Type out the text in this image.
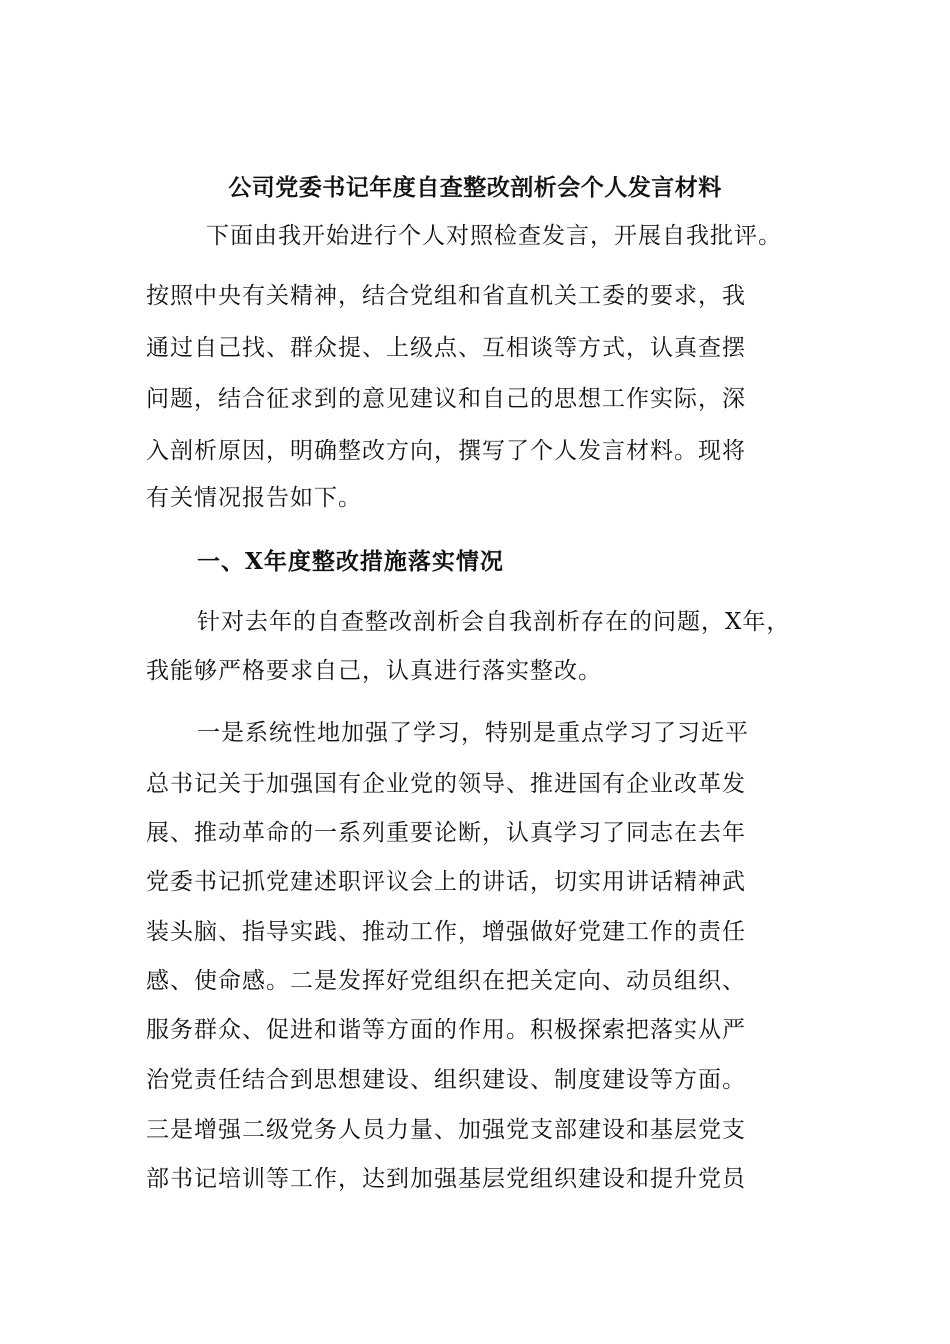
公司党委书记年度自查整改剖析会个人发言材料
下面由我开始进行个人对照检查发言，开展自我批评。
按照中央有关精神，结合党组和省直机关工委的要求，我
通过自己找、群众提、上级点、互相谈等方式，认真查摆
问题，结合征求到的意见建议和自己的思想工作实际，深
入剖析原因，明确整改方向，撰写了个人发言材料。现将
有关情况报告如下。
一、X年度整改措施落实情况
针对去年的自查整改剖析会自我剖析存在的问题，X年，
我能够严格要求自己，认真进行落实整改。
一是系统性地加强了学习，特别是重点学习了习近平
总书记关于加强国有企业党的领导、推进国有企业改革发
展、推动革命的一系列重要论断，认真学习了同志在去年
党委书记抓党建述职评议会上的讲话，切实用讲话精神武
装头脑、指导实践、推动工作，增强做好党建工作的责任
感、使命感。二是发挥好党组织在把关定向、动员组织、
服务群众、促进和谐等方面的作用。积极探索把落实从严
治党责任结合到思想建设、组织建设、制度建设等方面。
三是增强二级党务人员力量、加强党支部建设和基层党支
部书记培训等工作，达到加强基层党组织建设和提升党员
